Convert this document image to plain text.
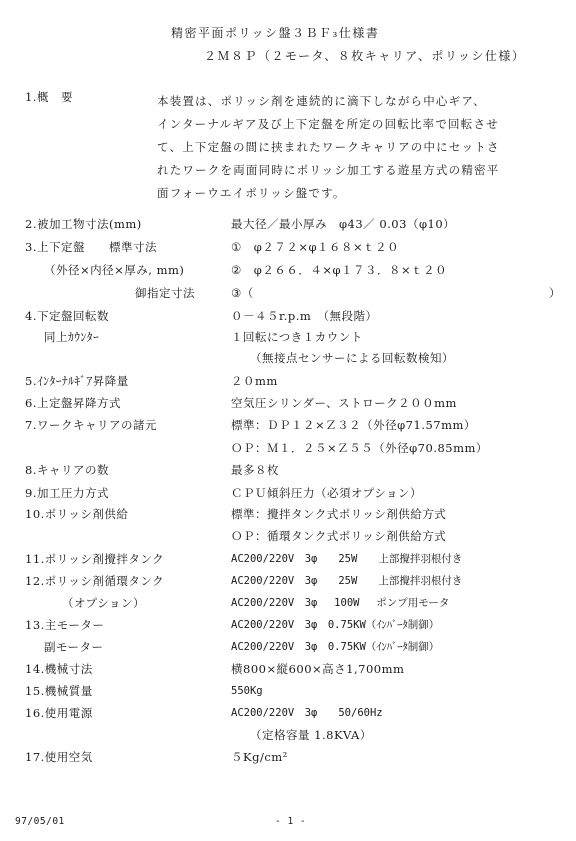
精密平面ポリッシ盤３ＢＦ₃仕様書
２Ｍ８Ｐ（２モータ、８枚キャリア、ポリッシ仕様）
1.概　要	本装置は、ポリッシ剤を連続的に滴下しながら中心ギア、
インターナルギア及び上下定盤を所定の回転比率で回転させ
て、上下定盤の間に挟まれたワークキャリアの中にセットさ
れたワークを両面同時にポリッシ加工する遊星方式の精密平
面フォーウエイポリッシ盤です。
2.被加工物寸法(mm)	最大径／最小厚み　φ43／ 0.03（φ10）
3.上下定盤　　標準寸法	①　φ２７２×φ１６８×ｔ２０
（外径×内径×厚み, mm)	②　φ２６６．４×φ１７３．８×ｔ２０
御指定寸法	③（	）
4.下定盤回転数	０－４５r.p.m　（無段階）
同上ｶｳﾝﾀｰ	１回転につき１カウント
（無接点センサーによる回転数検知）
5.ｲﾝﾀｰﾅﾙｷﾞｱ昇降量	２０mm
6.上定盤昇降方式	空気圧シリンダー、ストローク２００mm
7.ワークキャリアの諸元	標準：ＤＰ１２×Ｚ３２（外径φ71.57mm）
ＯＰ：Ｍ１．２５×Ｚ５５（外径φ70.85mm）
8.キャリアの数	最多８枚
9.加工圧力方式	ＣＰＵ傾斜圧力（必須オプション）
10.ポリッシ剤供給	標準：攪拌タンク式ポリッシ剤供給方式
ＯＰ：循環タンク式ポリッシ剤供給方式
11.ポリッシ剤攪拌タンク	AC200/220V　3φ　　25W　　上部攪拌羽根付き
12.ポリッシ剤循環タンク	AC200/220V　3φ　　25W　　上部攪拌羽根付き
（オプション）	AC200/220V　3φ　 100W　 ポンプ用モータ
13.主モーター	AC200/220V　3φ　0.75KW（ｲﾝﾊﾞｰﾀ制御）
副モーター	AC200/220V　3φ　0.75KW（ｲﾝﾊﾞｰﾀ制御）
14.機械寸法	横800×縦600×高さ1,700mm
15.機械質量	550Kg
16.使用電源	AC200/220V　3φ　　50/60Hz
（定格容量 1.8KVA）
17.使用空気	５Kg/cm²
97/05/01	- 1 -
